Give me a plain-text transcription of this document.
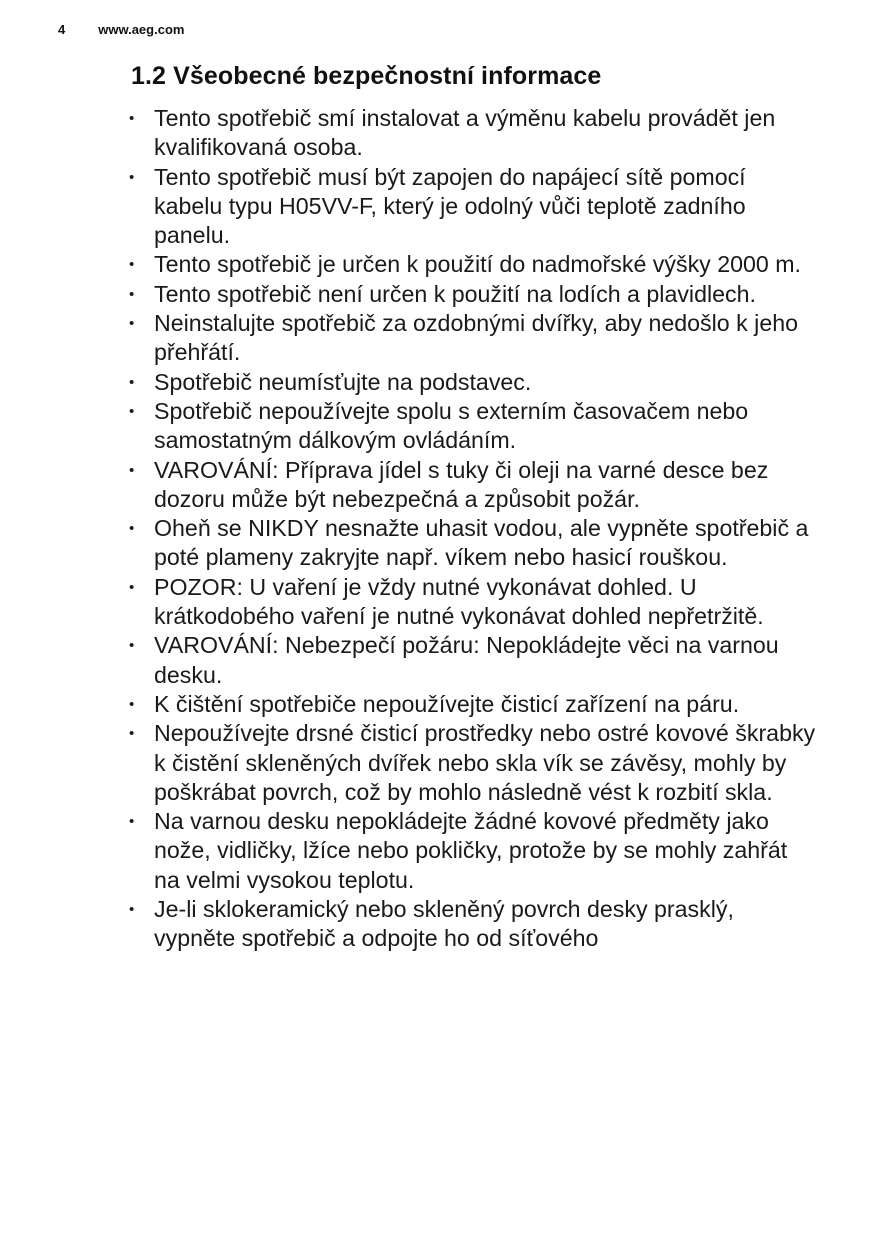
4	www.aeg.com
1.2 Všeobecné bezpečnostní informace
• Tento spotřebič smí instalovat a výměnu kabelu provádět jen kvalifikovaná osoba.
• Tento spotřebič musí být zapojen do napájecí sítě pomocí kabelu typu H05VV-F, který je odolný vůči teplotě zadního panelu.
• Tento spotřebič je určen k použití do nadmořské výšky 2000 m.
• Tento spotřebič není určen k použití na lodích a plavidlech.
• Neinstalujte spotřebič za ozdobnými dvířky, aby nedošlo k jeho přehřátí.
• Spotřebič neumísťujte na podstavec.
• Spotřebič nepoužívejte spolu s externím časovačem nebo samostatným dálkovým ovládáním.
• VAROVÁNÍ: Příprava jídel s tuky či oleji na varné desce bez dozoru může být nebezpečná a způsobit požár.
• Oheň se NIKDY nesnažte uhasit vodou, ale vypněte spotřebič a poté plameny zakryjte např. víkem nebo hasicí rouškou.
• POZOR: U vaření je vždy nutné vykonávat dohled. U krátkodobého vaření je nutné vykonávat dohled nepřetržitě.
• VAROVÁNÍ: Nebezpečí požáru: Nepokládejte věci na varnou desku.
• K čištění spotřebiče nepoužívejte čisticí zařízení na páru.
• Nepoužívejte drsné čisticí prostředky nebo ostré kovové škrabky k čistění skleněných dvířek nebo skla vík se závěsy, mohly by poškrábat povrch, což by mohlo následně vést k rozbití skla.
• Na varnou desku nepokládejte žádné kovové předměty jako nože, vidličky, lžíce nebo pokličky, protože by se mohly zahřát na velmi vysokou teplotu.
• Je-li sklokeramický nebo skleněný povrch desky prasklý, vypněte spotřebič a odpojte ho od síťového
